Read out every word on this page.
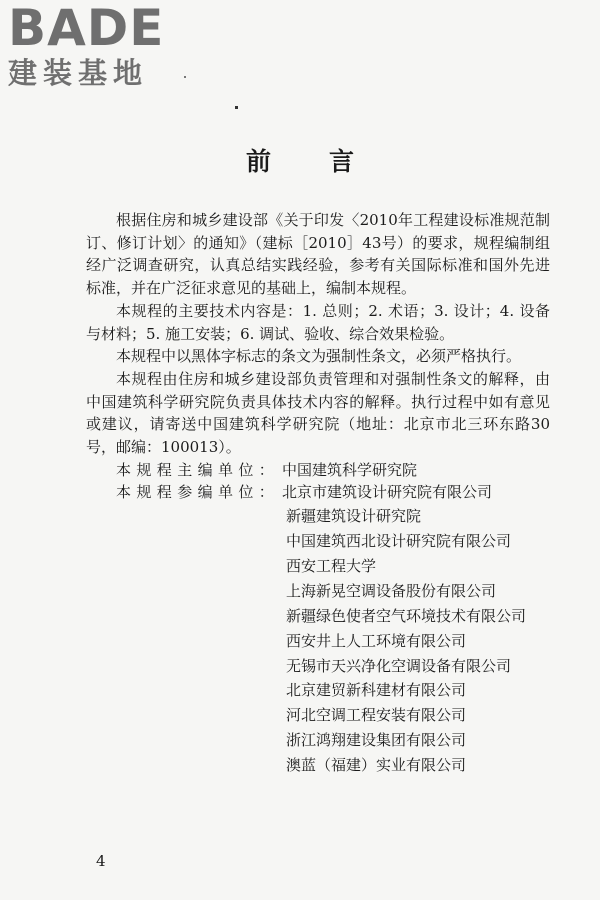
BADE
建装基地
前言

根据住房和城乡建设部《关于印发〈2010年工程建设标准规范制订、修订计划〉的通知》（建标［2010］43号）的要求，规程编制组经广泛调查研究，认真总结实践经验，参考有关国际标准和国外先进标准，并在广泛征求意见的基础上，编制本规程。

本规程的主要技术内容是：1. 总则；2. 术语；3. 设计；4. 设备与材料；5. 施工安装；6. 调试、验收、综合效果检验。

本规程中以黑体字标志的条文为强制性条文，必须严格执行。

本规程由住房和城乡建设部负责管理和对强制性条文的解释，由中国建筑科学研究院负责具体技术内容的解释。执行过程中如有意见或建议，请寄送中国建筑科学研究院（地址：北京市北三环东路30号，邮编：100013）。

本规程主编单位： 中国建筑科学研究院
本规程参编单位： 北京市建筑设计研究院有限公司
新疆建筑设计研究院
中国建筑西北设计研究院有限公司
西安工程大学
上海新晃空调设备股份有限公司
新疆绿色使者空气环境技术有限公司
西安井上人工环境有限公司
无锡市天兴净化空调设备有限公司
北京建贸新科建材有限公司
河北空调工程安装有限公司
浙江鸿翔建设集团有限公司
澳蓝（福建）实业有限公司
4
